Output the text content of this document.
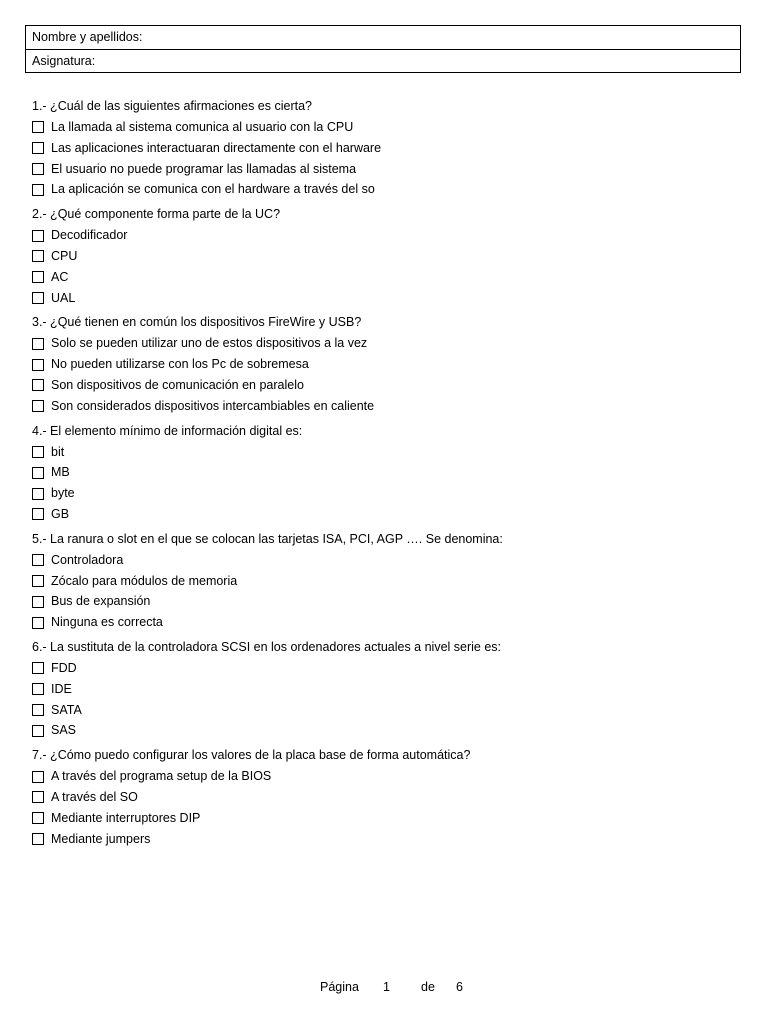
Nombre y apellidos:
Asignatura:
1.- ¿Cuál de las siguientes afirmaciones es cierta?
La llamada al sistema comunica al usuario con la CPU
Las aplicaciones interactuaran directamente con el harware
El usuario no puede programar las llamadas al sistema
La aplicación se comunica con el hardware a través del so
2.- ¿Qué componente forma parte de la UC?
Decodificador
CPU
AC
UAL
3.- ¿Qué tienen en común los dispositivos FireWire y USB?
Solo se pueden utilizar uno de estos dispositivos a la vez
No pueden utilizarse con los Pc de sobremesa
Son dispositivos de comunicación en paralelo
Son considerados dispositivos intercambiables en caliente
4.- El elemento mínimo de información digital es:
bit
MB
byte
GB
5.- La ranura o slot en el que se colocan las tarjetas ISA, PCI, AGP …. Se denomina:
Controladora
Zócalo para módulos de memoria
Bus de expansión
Ninguna es correcta
6.- La sustituta de la controladora SCSI en los ordenadores actuales a nivel serie es:
FDD
IDE
SATA
SAS
7.- ¿Cómo puedo configurar los valores de la placa base de forma automática?
A través del programa setup de la BIOS
A través del SO
Mediante interruptores DIP
Mediante jumpers
Página 1 de 6
